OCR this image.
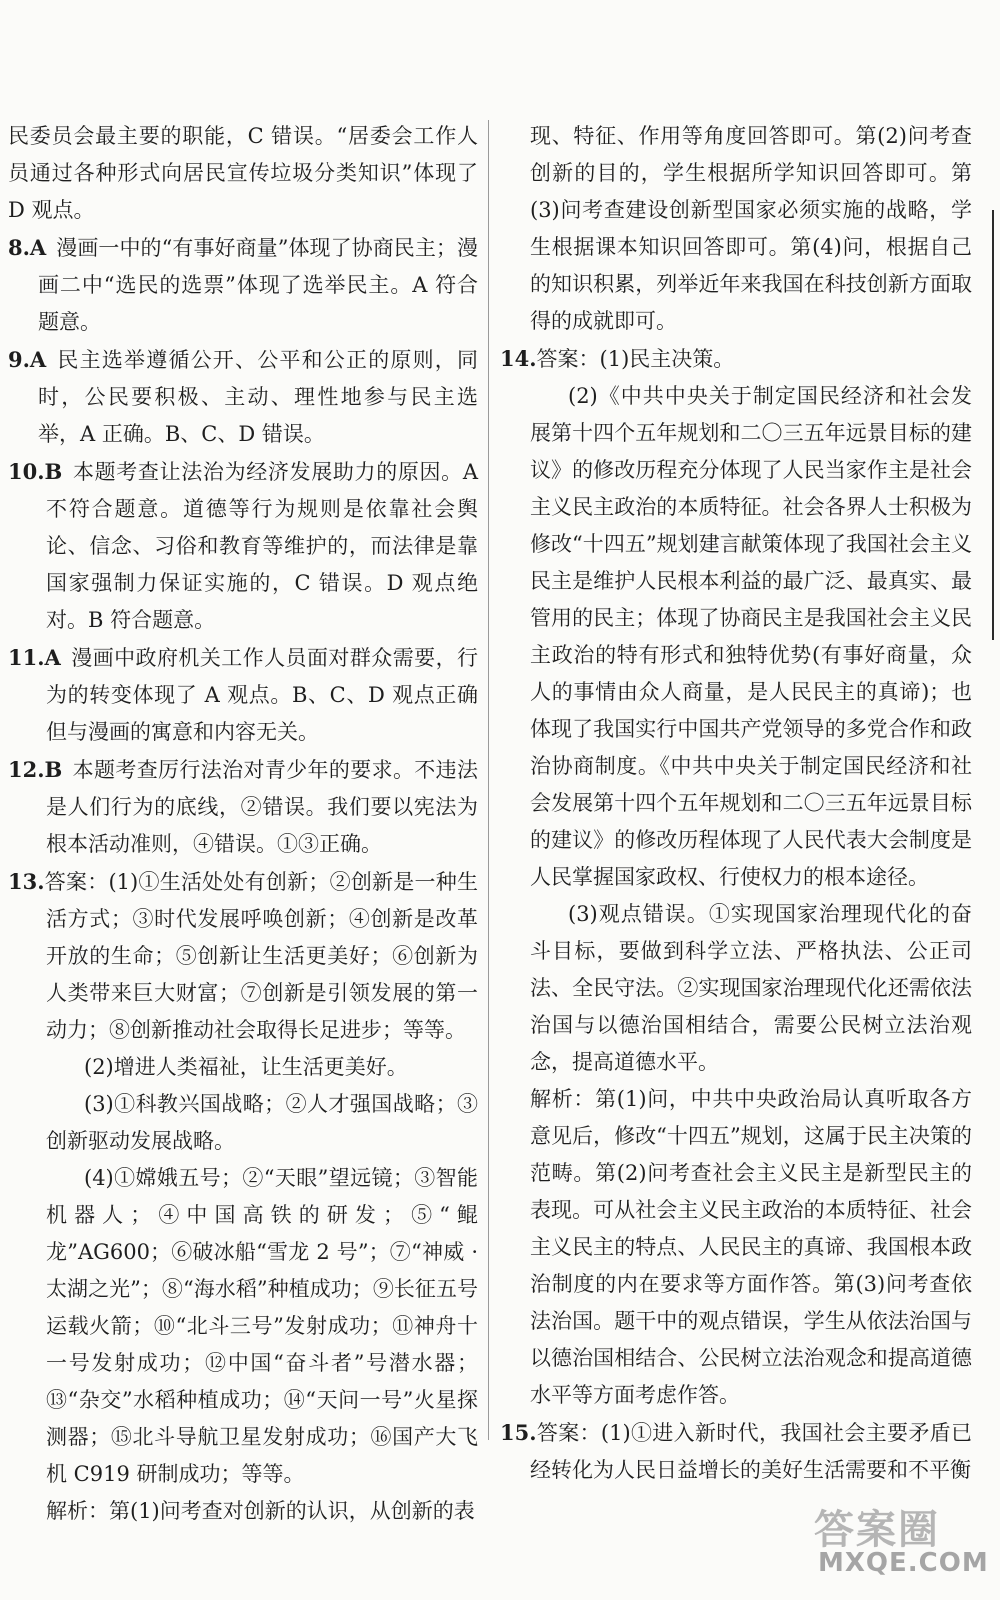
民委员会最主要的职能，C 错误。“居委会工作人员通过各种形式向居民宣传垃圾分类知识”体现了 D 观点。

8.A 漫画一中的“有事好商量”体现了协商民主；漫画二中“选民的选票”体现了选举民主。A 符合题意。

9.A 民主选举遵循公开、公平和公正的原则，同时，公民要积极、主动、理性地参与民主选举，A 正确。B、C、D 错误。

10.B 本题考查让法治为经济发展助力的原因。A 不符合题意。道德等行为规则是依靠社会舆论、信念、习俗和教育等维护的，而法律是靠国家强制力保证实施的，C 错误。D 观点绝对。B 符合题意。

11.A 漫画中政府机关工作人员面对群众需要，行为的转变体现了 A 观点。B、C、D 观点正确但与漫画的寓意和内容无关。

12.B 本题考查厉行法治对青少年的要求。不违法是人们行为的底线，②错误。我们要以宪法为根本活动准则，④错误。①③正确。

13.答案：(1)①生活处处有创新；②创新是一种生活方式；③时代发展呼唤创新；④创新是改革开放的生命；⑤创新让生活更美好；⑥创新为人类带来巨大财富；⑦创新是引领发展的第一动力；⑧创新推动社会取得长足进步；等等。

(2)增进人类福祉，让生活更美好。

(3)①科教兴国战略；②人才强国战略；③创新驱动发展战略。

(4)①嫦娥五号；②“天眼”望远镜；③智能机器人；④中国高铁的研发；⑤“鲲龙”AG600；⑥破冰船“雪龙 2 号”；⑦“神威 · 太湖之光”；⑧“海水稻”种植成功；⑨长征五号运载火箭；⑩“北斗三号”发射成功；⑪神舟十一号发射成功；⑫中国“奋斗者”号潜水器；⑬“杂交”水稻种植成功；⑭“天问一号”火星探测器；⑮北斗导航卫星发射成功；⑯国产大飞机 C919 研制成功；等等。

解析：第(1)问考查对创新的认识，从创新的表

现、特征、作用等角度回答即可。第(2)问考查创新的目的，学生根据所学知识回答即可。第(3)问考查建设创新型国家必须实施的战略，学生根据课本知识回答即可。第(4)问，根据自己的知识积累，列举近年来我国在科技创新方面取得的成就即可。

14.答案：(1)民主决策。

(2)《中共中央关于制定国民经济和社会发展第十四个五年规划和二〇三五年远景目标的建议》的修改历程充分体现了人民当家作主是社会主义民主政治的本质特征。社会各界人士积极为修改“十四五”规划建言献策体现了我国社会主义民主是维护人民根本利益的最广泛、最真实、最管用的民主；体现了协商民主是我国社会主义民主政治的特有形式和独特优势(有事好商量，众人的事情由众人商量，是人民民主的真谛)；也体现了我国实行中国共产党领导的多党合作和政治协商制度。《中共中央关于制定国民经济和社会发展第十四个五年规划和二〇三五年远景目标的建议》的修改历程体现了人民代表大会制度是人民掌握国家政权、行使权力的根本途径。

(3)观点错误。①实现国家治理现代化的奋斗目标，要做到科学立法、严格执法、公正司法、全民守法。②实现国家治理现代化还需依法治国与以德治国相结合，需要公民树立法治观念，提高道德水平。

解析：第(1)问，中共中央政治局认真听取各方意见后，修改“十四五”规划，这属于民主决策的范畴。第(2)问考查社会主义民主是新型民主的表现。可从社会主义民主政治的本质特征、社会主义民主的特点、人民民主的真谛、我国根本政治制度的内在要求等方面作答。第(3)问考查依法治国。题干中的观点错误，学生从依法治国与以德治国相结合、公民树立法治观念和提高道德水平等方面考虑作答。

15.答案：(1)①进入新时代，我国社会主要矛盾已经转化为人民日益增长的美好生活需要和不平衡

答案圈
MXQE.COM
